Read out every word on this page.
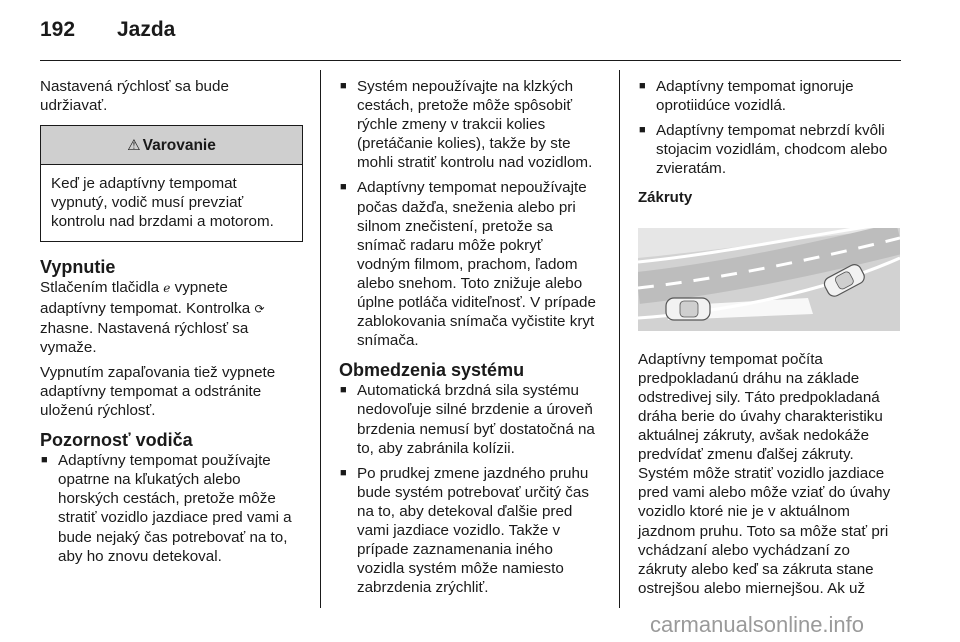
192 Jazda

Nastavená rýchlosť sa bude
udržiavať.

⚠ Varovanie
Keď je adaptívny tempomat
vypnutý, vodič musí prevziať
kontrolu nad brzdami a motorom.
Vypnutie

Stlačením tlačidla ℯ vypnete
adaptívny tempomat. Kontrolka ⟳
zhasne. Nastavená rýchlosť sa
vymaže.

Vypnutím zapaľovania tiež vypnete
adaptívny tempomat a odstránite
uloženú rýchlosť.

Pozornosť vodiča
■ Adaptívny tempomat používajte
opatrne na kľukatých alebo
horských cestách, pretože môže
stratiť vozidlo jazdiace pred vami a
bude nejaký čas potrebovať na to,
aby ho znovu detekoval.
■ Systém nepoužívajte na klzkých
cestách, pretože môže spôsobiť
rýchle zmeny v trakcii kolies
(pretáčanie kolies), takže by ste
mohli stratiť kontrolu nad vozidlom.
■ Adaptívny tempomat nepoužívajte
počas dažďa, sneženia alebo pri
silnom znečistení, pretože sa
snímač radaru môže pokryť
vodným filmom, prachom, ľadom
alebo snehom. Toto znižuje alebo
úplne potláča viditeľnosť. V prípade
zablokovania snímača vyčistite kryt
snímača.
Obmedzenia systému
■ Automatická brzdná sila systému
nedovoľuje silné brzdenie a úroveň
brzdenia nemusí byť dostatočná na
to, aby zabránila kolízii.
■ Po prudkej zmene jazdného pruhu
bude systém potrebovať určitý čas
na to, aby detekoval ďalšie pred
vami jazdiace vozidlo. Takže v
prípade zaznamenania iného
vozidla systém môže namiesto
zabrzdenia zrýchliť.
■ Adaptívny tempomat ignoruje
oprotiidúce vozidlá.
■ Adaptívny tempomat nebrzdí kvôli
stojacim vozidlám, chodcom alebo
zvieratám.
Zákruty

Adaptívny tempomat počíta
predpokladanú dráhu na základe
odstredivej sily. Táto predpokladaná
dráha berie do úvahy charakteristiku
aktuálnej zákruty, avšak nedokáže
predvídať zmenu ďalšej zákruty.
Systém môže stratiť vozidlo jazdiace
pred vami alebo môže vziať do úvahy
vozidlo ktoré nie je v aktuálnom
jazdnom pruhu. Toto sa môže stať pri
vchádzaní alebo vychádzaní zo
zákruty alebo keď sa zákruta stane
ostrejšou alebo miernejšou. Ak už

carmanualsonline.info
